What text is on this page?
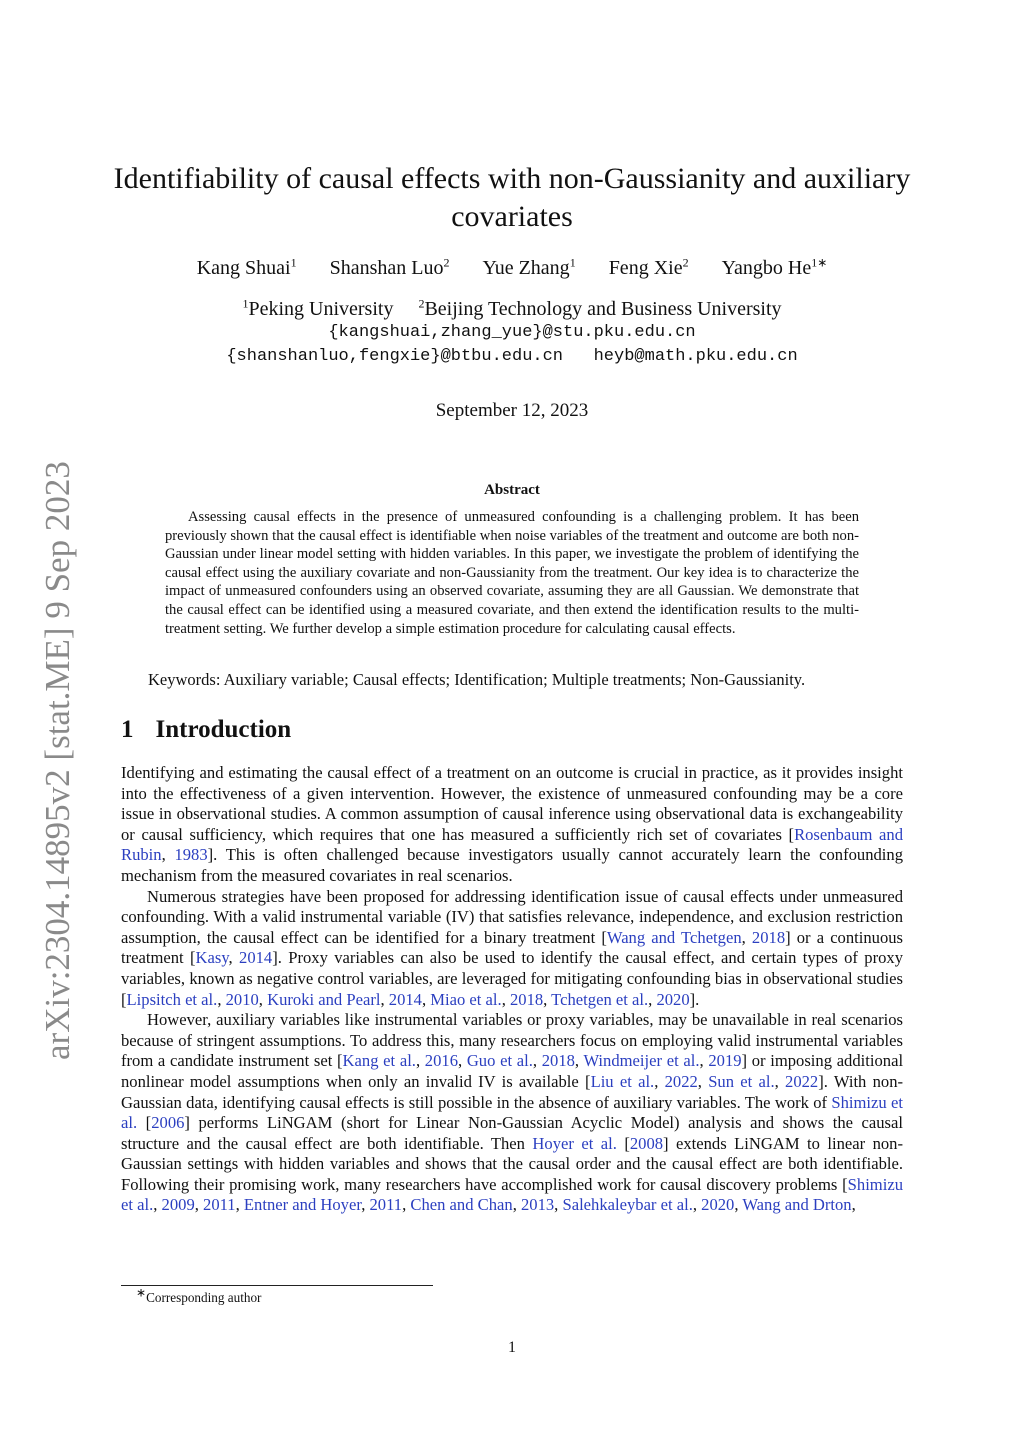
arXiv:2304.14895v2 [stat.ME] 9 Sep 2023
Identifiability of causal effects with non-Gaussianity and auxiliary
covariates
Kang Shuai$^1$ Shanshan Luo$^2$ Yue Zhang$^1$ Feng Xie$^2$ Yangbo $He^{1∗}$
$^1$Peking University $^2$Beijing Technology and Business University
{kangshuai,zhang_yue}@stu.pku.edu.cn
{shanshanluo,fengxie}@btbu.edu.cn heyb@math.pku.edu.cn
September 12, 2023
Abstract
Assessing causal effects in the presence of unmeasured confounding is a challenging problem. It has been previously shown that the causal effect is identifiable when noise variables of the treatment and outcome are both non-Gaussian under linear model setting with hidden variables. In this paper, we investigate the problem of identifying the causal effect using the auxiliary covariate and non-Gaussianity from the treatment. Our key idea is to characterize the impact of unmeasured confounders using an observed covariate, assuming they are all Gaussian. We demonstrate that the causal effect can be identified using a measured covariate, and then extend the identification results to the multi-treatment setting. We further develop a simple estimation procedure for calculating causal effects.
Keywords: Auxiliary variable; Causal effects; Identification; Multiple treatments; Non-Gaussianity.
1 Introduction

Identifying and estimating the causal effect of a treatment on an outcome is crucial in practice, as it provides insight into the effectiveness of a given intervention. However, the existence of unmeasured confounding may be a core issue in observational studies. A common assumption of causal inference using observational data is exchangeability or causal sufficiency, which requires that one has measured a sufficiently rich set of covariates [Rosenbaum and Rubin, 1983]. This is often challenged because investigators usually cannot accurately learn the confounding mechanism from the measured covariates in real scenarios.

Numerous strategies have been proposed for addressing identification issue of causal effects under unmeasured confounding. With a valid instrumental variable (IV) that satisfies relevance, independence, and exclusion restriction assumption, the causal effect can be identified for a binary treatment [Wang and Tchetgen, 2018] or a continuous treatment [Kasy, 2014]. Proxy variables can also be used to identify the causal effect, and certain types of proxy variables, known as negative control variables, are leveraged for mitigating confounding bias in observational studies [Lipsitch et al., 2010, Kuroki and Pearl, 2014, Miao et al., 2018, Tchetgen et al., 2020].

However, auxiliary variables like instrumental variables or proxy variables, may be unavailable in real scenarios because of stringent assumptions. To address this, many researchers focus on employing valid instrumental variables from a candidate instrument set [Kang et al., 2016, Guo et al., 2018, Windmeijer et al., 2019] or imposing additional nonlinear model assumptions when only an invalid IV is available [Liu et al., 2022, Sun et al., 2022]. With non-Gaussian data, identifying causal effects is still possible in the absence of auxiliary variables. The work of Shimizu et al. [2006] performs LiNGAM (short for Linear Non-Gaussian Acyclic Model) analysis and shows the causal structure and the causal effect are both identifiable. Then Hoyer et al. [2008] extends LiNGAM to linear non-Gaussian settings with hidden variables and shows that the causal order and the causal effect are both identifiable. Following their promising work, many researchers have accomplished work for causal discovery problems [Shimizu et al., 2009, 2011, Entner and Hoyer, 2011, Chen and Chan, 2013, Salehkaleybar et al., 2020, Wang and Drton,

∗Corresponding author
1
